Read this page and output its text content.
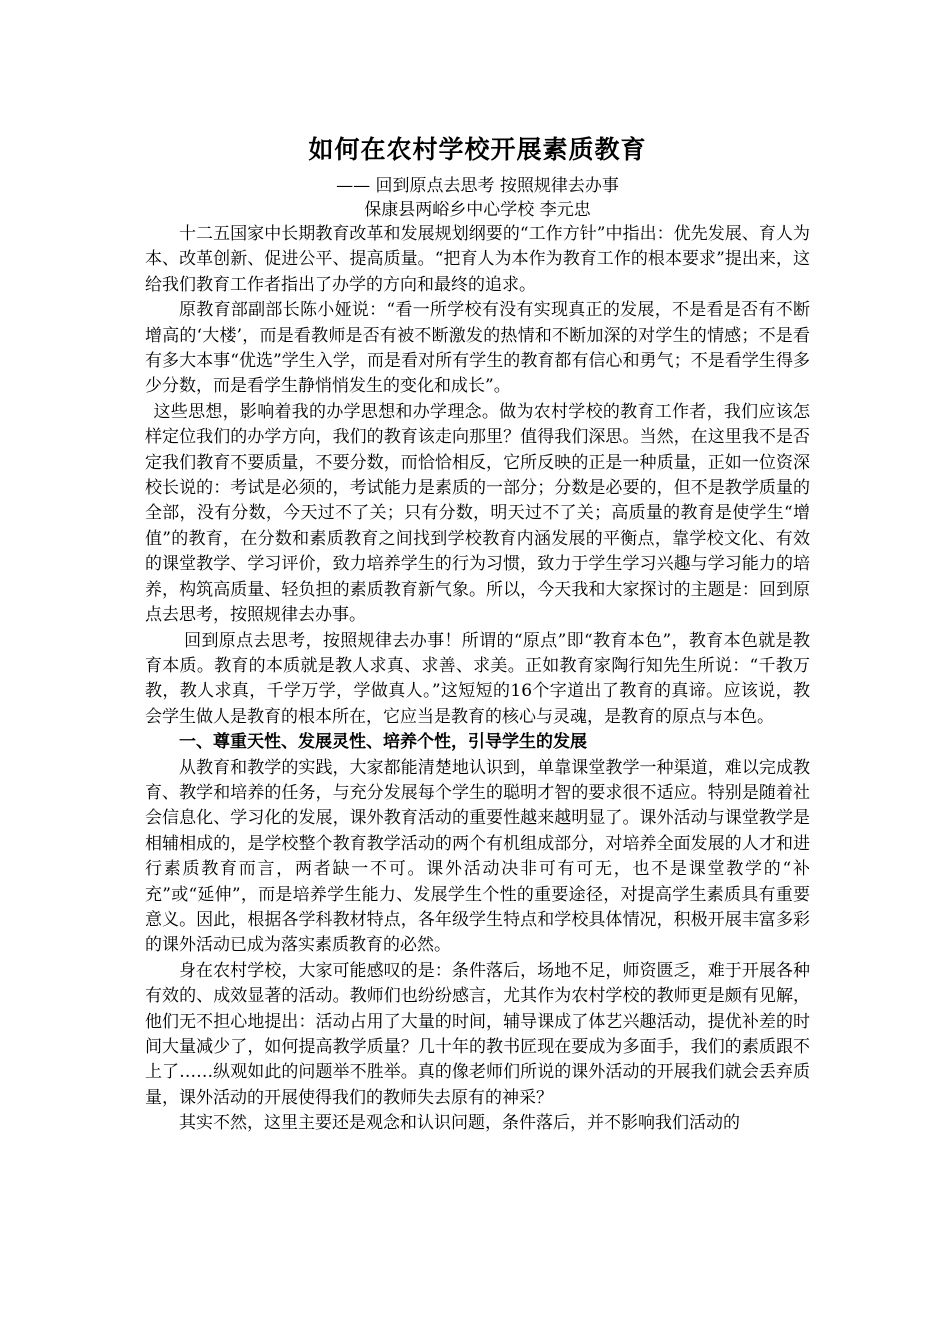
如何在农村学校开展素质教育

—— 回到原点去思考 按照规律去办事

保康县两峪乡中心学校 李元忠

十二五国家中长期教育改革和发展规划纲要的“工作方针”中指出：优先发展、育人为本、改革创新、促进公平、提高质量。“把育人为本作为教育工作的根本要求”提出来，这给我们教育工作者指出了办学的方向和最终的追求。

原教育部副部长陈小娅说：“看一所学校有没有实现真正的发展，不是看是否有不断增高的‘大楼’，而是看教师是否有被不断激发的热情和不断加深的对学生的情感；不是看有多大本事“优选”学生入学，而是看对所有学生的教育都有信心和勇气；不是看学生得多少分数，而是看学生静悄悄发生的变化和成长”。

这些思想，影响着我的办学思想和办学理念。做为农村学校的教育工作者，我们应该怎样定位我们的办学方向，我们的教育该走向那里？值得我们深思。当然，在这里我不是否定我们教育不要质量，不要分数，而恰恰相反，它所反映的正是一种质量，正如一位资深校长说的：考试是必须的，考试能力是素质的一部分；分数是必要的，但不是教学质量的全部，没有分数，今天过不了关；只有分数，明天过不了关；高质量的教育是使学生“增值”的教育，在分数和素质教育之间找到学校教育内涵发展的平衡点，靠学校文化、有效的课堂教学、学习评价，致力培养学生的行为习惯，致力于学生学习兴趣与学习能力的培养，构筑高质量、轻负担的素质教育新气象。所以，今天我和大家探讨的主题是：回到原点去思考，按照规律去办事。

回到原点去思考，按照规律去办事！所谓的“原点”即“教育本色”，教育本色就是教育本质。教育的本质就是教人求真、求善、求美。正如教育家陶行知先生所说：“千教万教，教人求真，千学万学，学做真人。”这短短的16个字道出了教育的真谛。应该说，教会学生做人是教育的根本所在，它应当是教育的核心与灵魂，是教育的原点与本色。

一、尊重天性、发展灵性、培养个性，引导学生的发展

从教育和教学的实践，大家都能清楚地认识到，单靠课堂教学一种渠道，难以完成教育、教学和培养的任务，与充分发展每个学生的聪明才智的要求很不适应。特别是随着社会信息化、学习化的发展，课外教育活动的重要性越来越明显了。课外活动与课堂教学是相辅相成的，是学校整个教育教学活动的两个有机组成部分，对培养全面发展的人才和进行素质教育而言，两者缺一不可。课外活动决非可有可无，也不是课堂教学的“补充”或“延伸”，而是培养学生能力、发展学生个性的重要途径，对提高学生素质具有重要意义。因此，根据各学科教材特点，各年级学生特点和学校具体情况，积极开展丰富多彩的课外活动已成为落实素质教育的必然。

身在农村学校，大家可能感叹的是：条件落后，场地不足，师资匮乏，难于开展各种有效的、成效显著的活动。教师们也纷纷感言，尤其作为农村学校的教师更是颇有见解，他们无不担心地提出：活动占用了大量的时间，辅导课成了体艺兴趣活动，提优补差的时间大量减少了，如何提高教学质量？几十年的教书匠现在要成为多面手，我们的素质跟不上了……纵观如此的问题举不胜举。真的像老师们所说的课外活动的开展我们就会丢弃质量，课外活动的开展使得我们的教师失去原有的神采？

其实不然，这里主要还是观念和认识问题，条件落后，并不影响我们活动的
